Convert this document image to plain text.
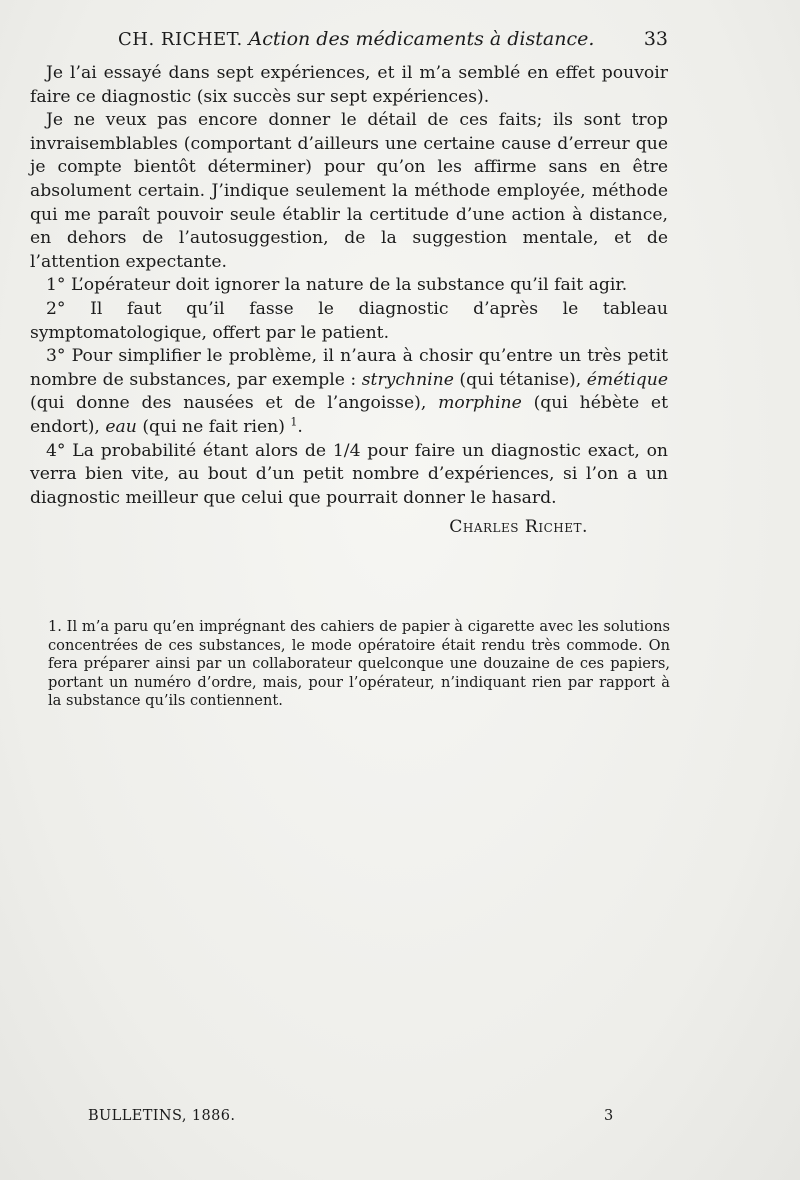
CH. RICHET. Action des médicaments à distance.	33

Je l’ai essayé dans sept expériences, et il m’a semblé en effet pouvoir faire ce diagnostic (six succès sur sept expériences).

Je ne veux pas encore donner le détail de ces faits; ils sont trop invraisemblables (comportant d’ailleurs une certaine cause d’erreur que je compte bientôt déterminer) pour qu’on les affirme sans en être absolument certain. J’indique seulement la méthode employée, méthode qui me paraît pouvoir seule établir la certitude d’une action à distance, en dehors de l’autosuggestion, de la suggestion mentale, et de l’attention expectante.

1° L’opérateur doit ignorer la nature de la substance qu’il fait agir.

2° Il faut qu’il fasse le diagnostic d’après le tableau symptomatologique, offert par le patient.

3° Pour simplifier le problème, il n’aura à chosir qu’entre un très petit nombre de substances, par exemple : strychnine (qui tétanise), émétique (qui donne des nausées et de l’angoisse), morphine (qui hébète et endort), eau (qui ne fait rien) $^1$.

4° La probabilité étant alors de 1/4 pour faire un diagnostic exact, on verra bien vite, au bout d’un petit nombre d’expériences, si l’on a un diagnostic meilleur que celui que pourrait donner le hasard.

Charles Richet.

1. Il m’a paru qu’en imprégnant des cahiers de papier à cigarette avec les solutions concentrées de ces substances, le mode opératoire était rendu très commode. On fera préparer ainsi par un collaborateur quelconque une douzaine de ces papiers, portant un numéro d’ordre, mais, pour l’opérateur, n’indiquant rien par rapport à la substance qu’ils contiennent.

BULLETINS, 1886.	3
